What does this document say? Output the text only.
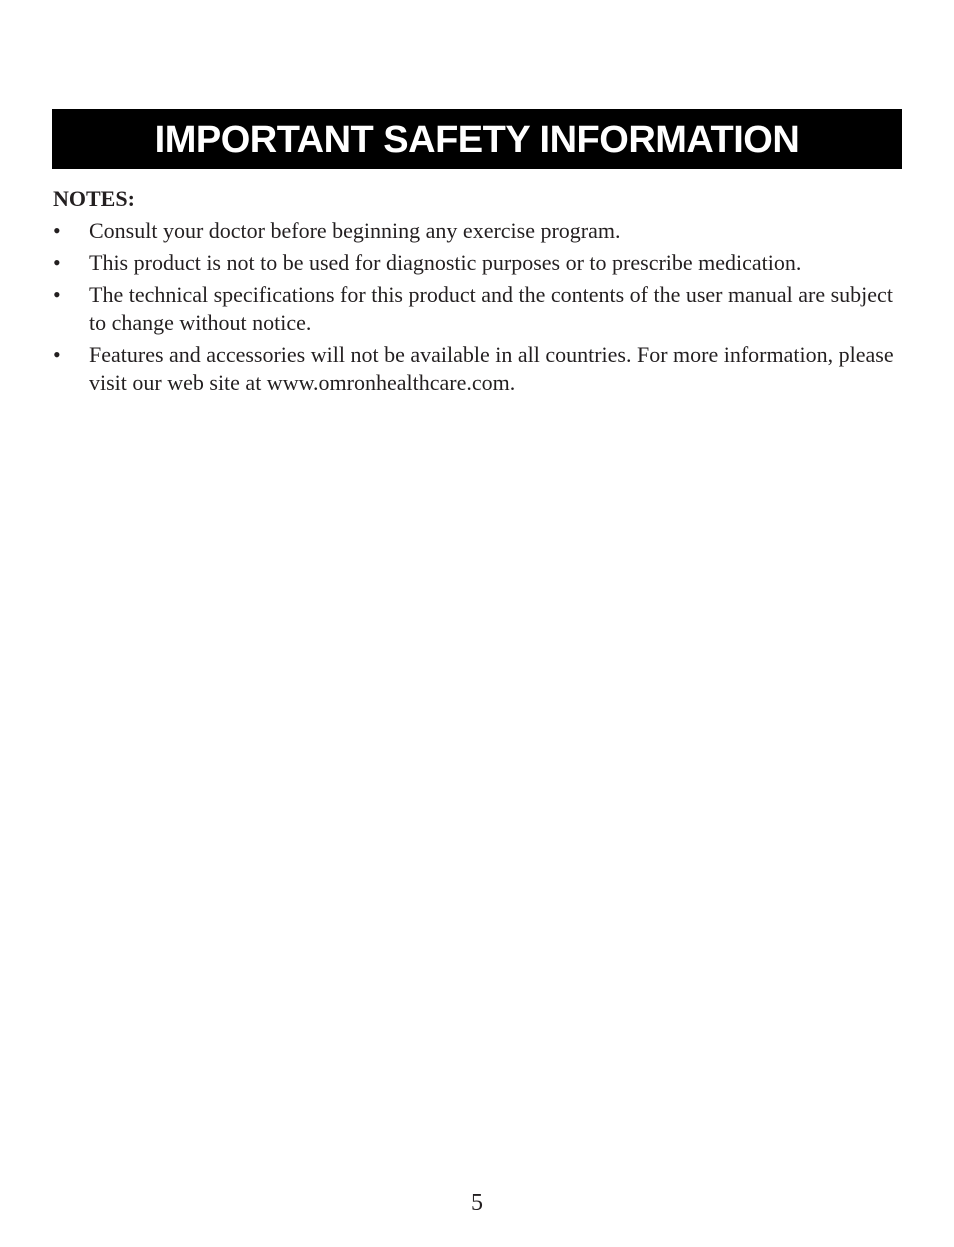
IMPORTANT SAFETY INFORMATION
NOTES:
•	Consult your doctor before beginning any exercise program.
•	This product is not to be used for diagnostic purposes or to prescribe medication.
•	The technical specifications for this product and the contents of the user manual are subject to change without notice.
•	Features and accessories will not be available in all countries. For more information, please visit our web site at www.omronhealthcare.com.
5
